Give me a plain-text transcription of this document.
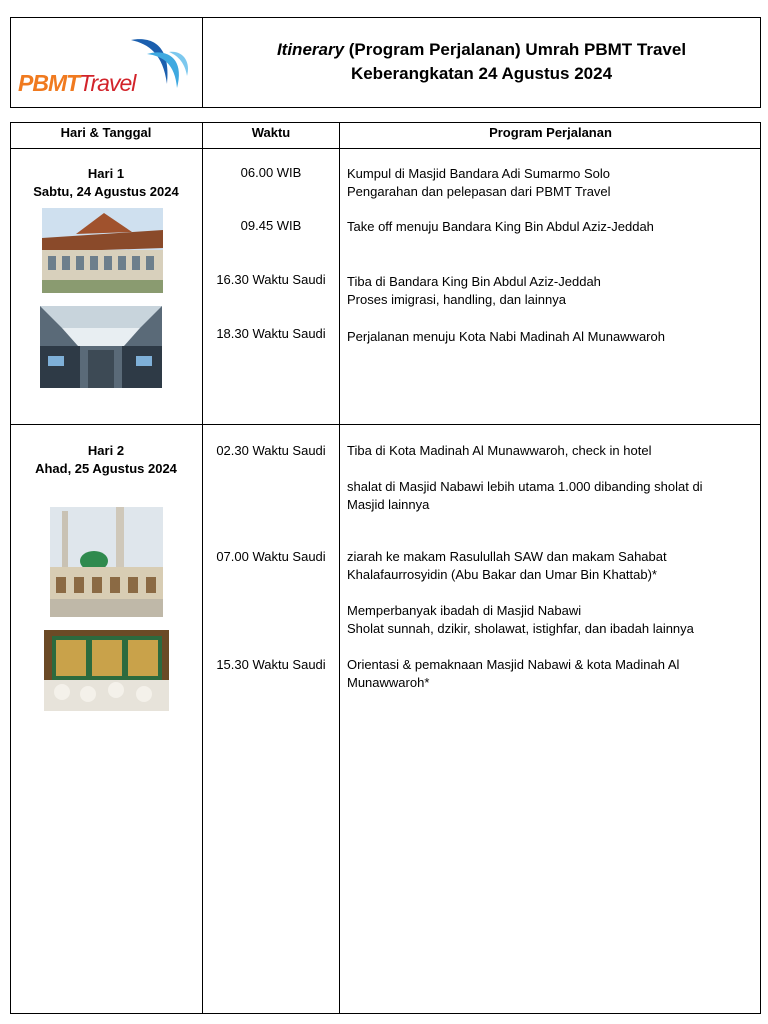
PBMTTravel
Itinerary (Program Perjalanan) Umrah PBMT Travel
Keberangkatan 24 Agustus 2024
Hari & Tanggal	Waktu	Program Perjalanan
Hari 1
Sabtu, 24 Agustus 2024
06.00 WIB
09.45 WIB
16.30 Waktu Saudi
18.30 Waktu Saudi
Kumpul di Masjid Bandara Adi Sumarmo Solo
Pengarahan dan pelepasan dari PBMT Travel
Take off menuju Bandara King Bin Abdul Aziz-Jeddah
Tiba di Bandara King Bin Abdul Aziz-Jeddah
Proses imigrasi, handling, dan lainnya
Perjalanan menuju Kota Nabi Madinah Al Munawwaroh
Hari 2
Ahad, 25 Agustus 2024
02.30 Waktu Saudi
07.00 Waktu Saudi
15.30 Waktu Saudi
Tiba di Kota Madinah Al Munawwaroh, check in hotel
shalat di Masjid Nabawi lebih utama 1.000 dibanding sholat di
Masjid lainnya
ziarah ke makam Rasulullah SAW dan makam Sahabat
Khalafaurrosyidin (Abu Bakar dan Umar Bin Khattab)*
Memperbanyak ibadah di Masjid Nabawi
Sholat sunnah, dzikir, sholawat, istighfar, dan ibadah lainnya
Orientasi & pemaknaan Masjid Nabawi & kota Madinah Al
Munawwaroh*
